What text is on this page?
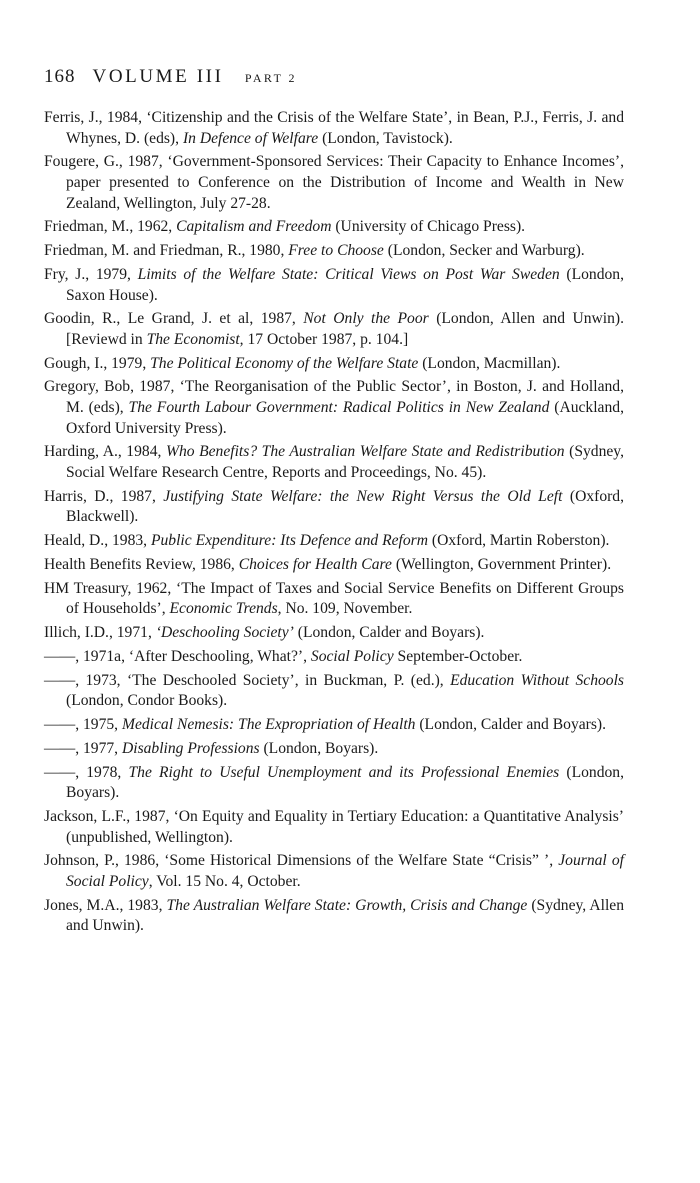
168 VOLUME III PART 2

Ferris, J., 1984, ‘Citizenship and the Crisis of the Welfare State’, in Bean, P.J., Ferris, J. and Whynes, D. (eds), In Defence of Welfare (London, Tavistock).

Fougere, G., 1987, ‘Government-Sponsored Services: Their Capacity to Enhance Incomes’, paper presented to Conference on the Distribution of Income and Wealth in New Zealand, Wellington, July 27-28.

Friedman, M., 1962, Capitalism and Freedom (University of Chicago Press).

Friedman, M. and Friedman, R., 1980, Free to Choose (London, Secker and Warburg).

Fry, J., 1979, Limits of the Welfare State: Critical Views on Post War Sweden (London, Saxon House).

Goodin, R., Le Grand, J. et al, 1987, Not Only the Poor (London, Allen and Unwin). [Reviewd in The Economist, 17 October 1987, p. 104.]

Gough, I., 1979, The Political Economy of the Welfare State (London, Macmillan).

Gregory, Bob, 1987, ‘The Reorganisation of the Public Sector’, in Boston, J. and Holland, M. (eds), The Fourth Labour Government: Radical Politics in New Zealand (Auckland, Oxford University Press).

Harding, A., 1984, Who Benefits? The Australian Welfare State and Redistribution (Sydney, Social Welfare Research Centre, Reports and Proceedings, No. 45).

Harris, D., 1987, Justifying State Welfare: the New Right Versus the Old Left (Oxford, Blackwell).

Heald, D., 1983, Public Expenditure: Its Defence and Reform (Oxford, Martin Roberston).

Health Benefits Review, 1986, Choices for Health Care (Wellington, Government Printer).

HM Treasury, 1962, ‘The Impact of Taxes and Social Service Benefits on Different Groups of Households’, Economic Trends, No. 109, November.

Illich, I.D., 1971, ‘Deschooling Society’ (London, Calder and Boyars).

——, 1971a, ‘After Deschooling, What?’, Social Policy September-October.

——, 1973, ‘The Deschooled Society’, in Buckman, P. (ed.), Education Without Schools (London, Condor Books).

——, 1975, Medical Nemesis: The Expropriation of Health (London, Calder and Boyars).

——, 1977, Disabling Professions (London, Boyars).

——, 1978, The Right to Useful Unemployment and its Professional Enemies (London, Boyars).

Jackson, L.F., 1987, ‘On Equity and Equality in Tertiary Education: a Quantitative Analysis’ (unpublished, Wellington).

Johnson, P., 1986, ‘Some Historical Dimensions of the Welfare State “Crisis” ’, Journal of Social Policy, Vol. 15 No. 4, October.

Jones, M.A., 1983, The Australian Welfare State: Growth, Crisis and Change (Sydney, Allen and Unwin).
